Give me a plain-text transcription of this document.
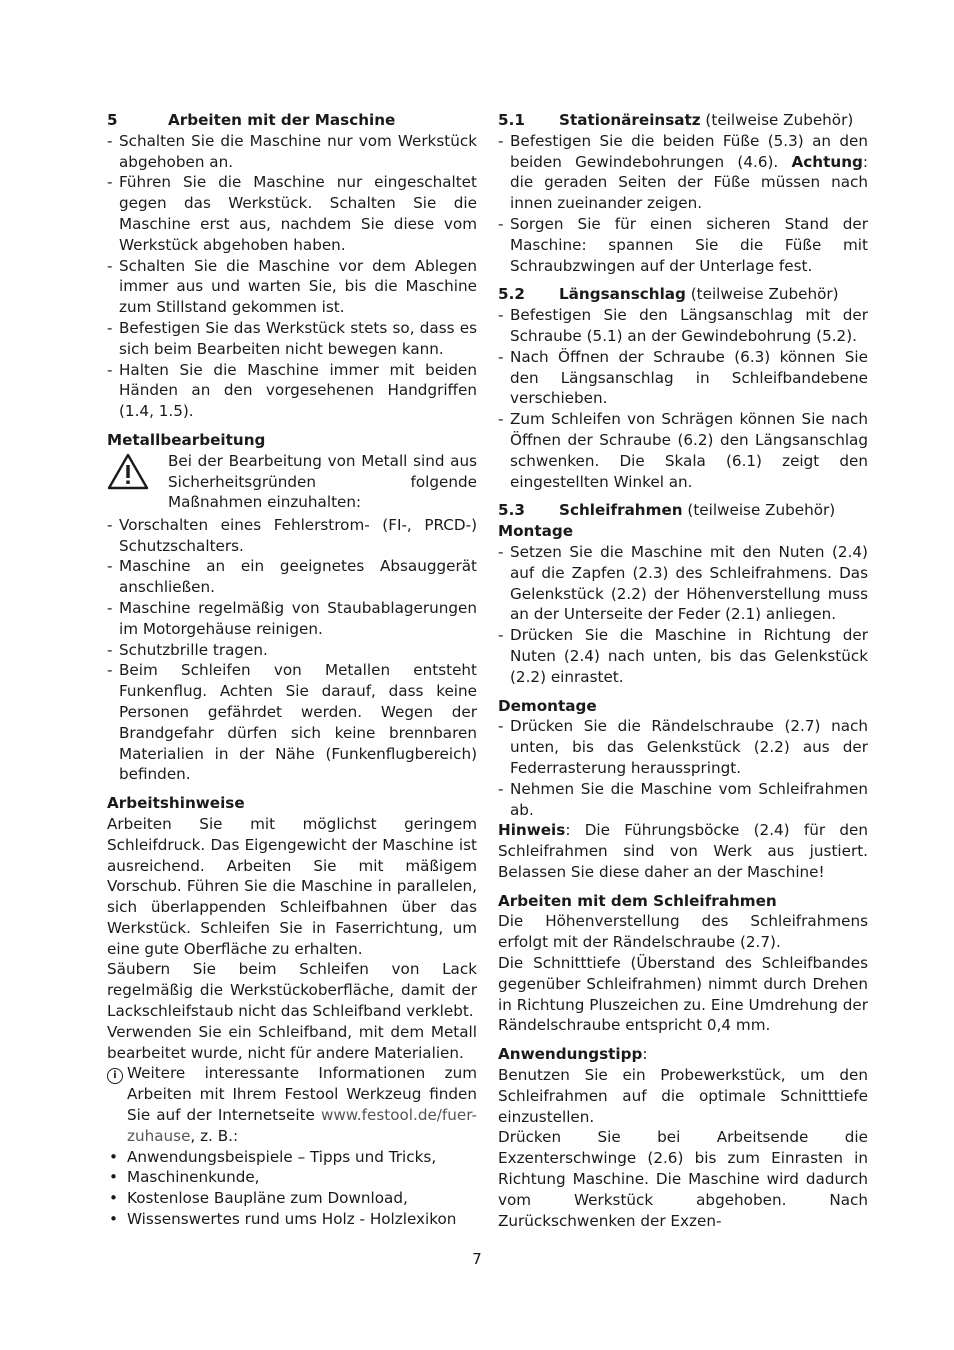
5	Arbeiten mit der Maschine
- Schalten Sie die Maschine nur vom Werkstück abgehoben an.
- Führen Sie die Maschine nur eingeschaltet gegen das Werkstück. Schalten Sie die Maschine erst aus, nachdem Sie diese vom Werkstück abgehoben haben.
- Schalten Sie die Maschine vor dem Ablegen immer aus und warten Sie, bis die Maschine zum Stillstand gekommen ist.
- Befestigen Sie das Werkstück stets so, dass es sich beim Bearbeiten nicht bewegen kann.
- Halten Sie die Maschine immer mit beiden Händen an den vorgesehenen Handgriffen (1.4, 1.5).
Metallbearbeitung
Bei der Bearbeitung von Metall sind aus Sicherheitsgründen folgende Maßnahmen einzuhalten:
- Vorschalten eines Fehlerstrom- (FI-, PRCD-) Schutzschalters.
- Maschine an ein geeignetes Absauggerät anschließen.
- Maschine regelmäßig von Staubablagerungen im Motorgehäuse reinigen.
- Schutzbrille tragen.
- Beim Schleifen von Metallen entsteht Funkenflug. Achten Sie darauf, dass keine Personen gefährdet werden. Wegen der Brandgefahr dürfen sich keine brennbaren Materialien in der Nähe (Funkenflugbereich) befinden.
Arbeitshinweise

Arbeiten Sie mit möglichst geringem Schleifdruck. Das Eigengewicht der Maschine ist ausreichend. Arbeiten Sie mit mäßigem Vorschub. Führen Sie die Maschine in parallelen, sich überlappenden Schleifbahnen über das Werkstück. Schleifen Sie in Faserrichtung, um eine gute Oberfläche zu erhalten.

Säubern Sie beim Schleifen von Lack regelmäßig die Werkstückoberfläche, damit der Lackschleifstaub nicht das Schleifband verklebt.

Verwenden Sie ein Schleifband, mit dem Metall bearbeitet wurde, nicht für andere Materialien.

i Weitere interessante Informationen zum Arbeiten mit Ihrem Festool Werkzeug finden Sie auf der Internetseite www.festool.de/fuer-zuhause, z. B.:
• Anwendungsbeispiele – Tipps und Tricks,
• Maschinenkunde,
• Kostenlose Baupläne zum Download,
• Wissenswertes rund ums Holz - Holzlexikon
5.1	Stationäreinsatz (teilweise Zubehör)
- Befestigen Sie die beiden Füße (5.3) an den beiden Gewindebohrungen (4.6). Achtung: die geraden Seiten der Füße müssen nach innen zueinander zeigen.
- Sorgen Sie für einen sicheren Stand der Maschine: spannen Sie die Füße mit Schraubzwingen auf der Unterlage fest.
5.2	Längsanschlag (teilweise Zubehör)
- Befestigen Sie den Längsanschlag mit der Schraube (5.1) an der Gewindebohrung (5.2).
- Nach Öffnen der Schraube (6.3) können Sie den Längsanschlag in Schleifbandebene verschieben.
- Zum Schleifen von Schrägen können Sie nach Öffnen der Schraube (6.2) den Längsanschlag schwenken. Die Skala (6.1) zeigt den eingestellten Winkel an.
5.3	Schleifrahmen (teilweise Zubehör)
Montage
- Setzen Sie die Maschine mit den Nuten (2.4) auf die Zapfen (2.3) des Schleifrahmens. Das Gelenkstück (2.2) der Höhenverstellung muss an der Unterseite der Feder (2.1) anliegen.
- Drücken Sie die Maschine in Richtung der Nuten (2.4) nach unten, bis das Gelenkstück (2.2) einrastet.
Demontage
- Drücken Sie die Rändelschraube (2.7) nach unten, bis das Gelenkstück (2.2) aus der Federrasterung herausspringt.
- Nehmen Sie die Maschine vom Schleifrahmen ab.

Hinweis: Die Führungsböcke (2.4) für den Schleifrahmen sind von Werk aus justiert. Belassen Sie diese daher an der Maschine!

Arbeiten mit dem Schleifrahmen

Die Höhenverstellung des Schleifrahmens erfolgt mit der Rändelschraube (2.7).

Die Schnitttiefe (Überstand des Schleifbandes gegenüber Schleifrahmen) nimmt durch Drehen in Richtung Pluszeichen zu. Eine Umdrehung der Rändelschraube entspricht 0,4 mm.

Anwendungstipp:

Benutzen Sie ein Probewerkstück, um den Schleifrahmen auf die optimale Schnitttiefe einzustellen.

Drücken Sie bei Arbeitsende die Exzenterschwinge (2.6) bis zum Einrasten in Richtung Maschine. Die Maschine wird dadurch vom Werkstück abgehoben. Nach Zurückschwenken der Exzen-

7
